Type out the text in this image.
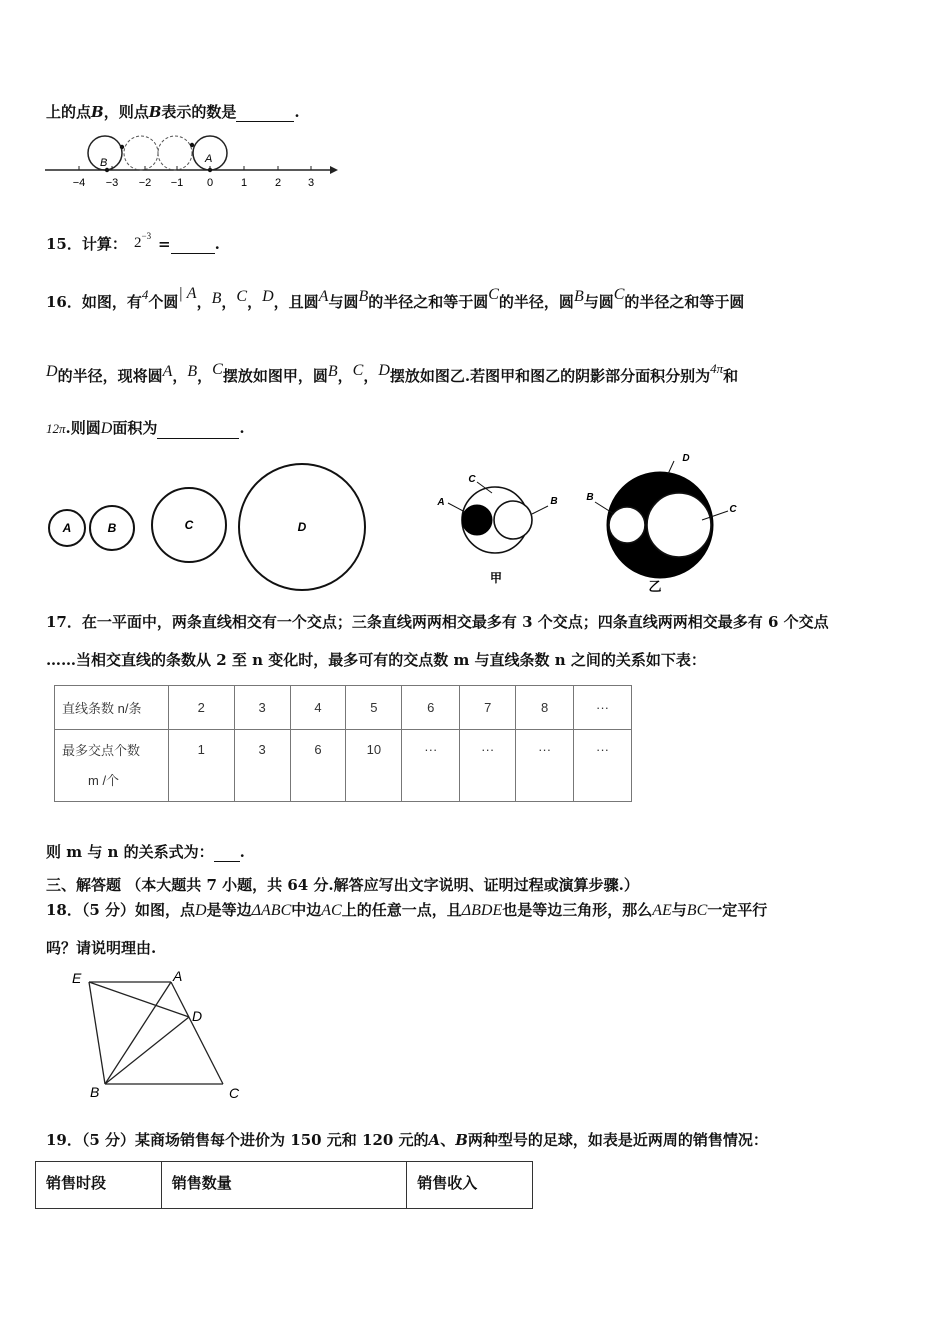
上的点B，则点B表示的数是	.
B	A
−4 −3 −2 −1 0	1	2 3
15．计算： $2^{-3}$ =	.
16．如图，有4个圆| A，B，C，D，且圆A与圆B的半径之和等于圆C的半径，圆B与圆C的半径之和等于圆
D的半径，现将圆A，B，C摆放如图甲，圆B，C，D摆放如图乙.若图甲和图乙的阴影部分面积分别为4π和
12π.则圆D面积为	.
A	B	C	D
C
A	B
甲
D
B
C
乙
17．在一平面中，两条直线相交有一个交点；三条直线两两相交最多有 3 个交点；四条直线两两相交最多有 6 个交点
……当相交直线的条数从 2 至 n 变化时，最多可有的交点数 m 与直线条数 n 之间的关系如下表：
直线条数 n/条	2	3	4	5	6	7	8	···

最多交点个数
m /个	1	3	6	10	···	···	···	···
则 m 与 n 的关系式为： .
三、解答题 （本大题共 7 小题，共 64 分.解答应写出文字说明、证明过程或演算步骤.）
18．（5 分）如图，点D是等边ΔABC中边AC上的任意一点，且ΔBDE也是等边三角形，那么AE与BC一定平行
吗？请说明理由.
E	A
D
B	C
19．（5 分）某商场销售每个进价为 150 元和 120 元的A、B两种型号的足球，如表是近两周的销售情况：
销售时段	销售数量	销售收入
